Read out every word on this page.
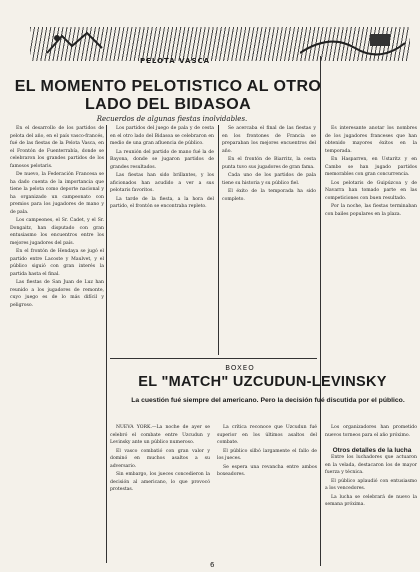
PELOTA VASCA
EL MOMENTO PELOTISTICO AL OTRO LADO DEL BIDASOA
Recuerdos de algunas fiestas inolvidables.

En el desarrollo de los partidos de pelota del año, en el país vasco-francés, fué de las fiestas de la Pelota Vasca, en el Frontón de Fuenterrabía, donde se celebraron los grandes partidos de los famosos pelotaris.

De nuevo, la Federación Francesa se ha dado cuenta de la importancia que tiene la pelota como deporte nacional y ha organizado un campeonato con premios para los jugadores de mano y de pala.

Los campeones, el Sr. Cadet, y el Sr. Dongaitz, han disputado con gran entusiasmo los encuentros entre los mejores jugadores del país.

En el frontón de Hendaya se jugó el partido entre Lacoste y Maulvet, y el público siguió con gran interés la partida hasta el final.

Las fiestas de San Juan de Luz han reunido a los jugadores de remonte, cuyo juego es de lo más difícil y peligroso.

Los partidos del juego de pala y de cesta en el otro lado del Bidasoa se celebraron en medio de una gran afluencia de público.

La reunión del partido de mano fué la de Bayona, donde se jugaron partidos de grandes resultados.

Las fiestas han sido brillantes, y los aficionados han acudido a ver a sus pelotaris favoritos.

La tarde de la fiesta, a la hora del partido, el frontón se encontraba repleto.

Se acercaba el final de las fiestas y en los frontones de Francia se preparaban los mejores encuentros del año.

En el frontón de Biarritz, la cesta punta tuvo sus jugadores de gran fama.

Cada uno de los partidos de pala tiene su historia y su público fiel.

El éxito de la temporada ha sido completo.

Es interesante anotar los nombres de los jugadores franceses que han obtenido mayores éxitos en la temporada.

En Hasparren, en Ustaritz y en Cambo se han jugado partidos memorables con gran concurrencia.

Los pelotaris de Guipúzcoa y de Navarra han tomado parte en las competiciones con buen resultado.

Por la noche, las fiestas terminaban con bailes populares en la plaza.

BOXEO
EL "MATCH" UZCUDUN-LEVINSKY
La cuestión fué siempre del americano. Pero la decisión fué discutida por el público.

NUEVA YORK.—La noche de ayer se celebró el combate entre Uzcudun y Levinsky ante un público numeroso.

El vasco combatió con gran valor y dominó en muchos asaltos a su adversario.

Sin embargo, los jueces concedieron la decisión al americano, lo que provocó protestas.

La crítica reconoce que Uzcudun fué superior en los últimos asaltos del combate.

El público silbó largamente el fallo de los jueces.

Se espera una revancha entre ambos boxeadores.

Los organizadores han prometido nuevos torneos para el año próximo.

Otros detalles de la lucha

Entre los luchadores que actuaron en la velada, destacaron los de mayor fuerza y técnica.

El público aplaudió con entusiasmo a los vencedores.

La lucha se celebrará de nuevo la semana próxima.

6
